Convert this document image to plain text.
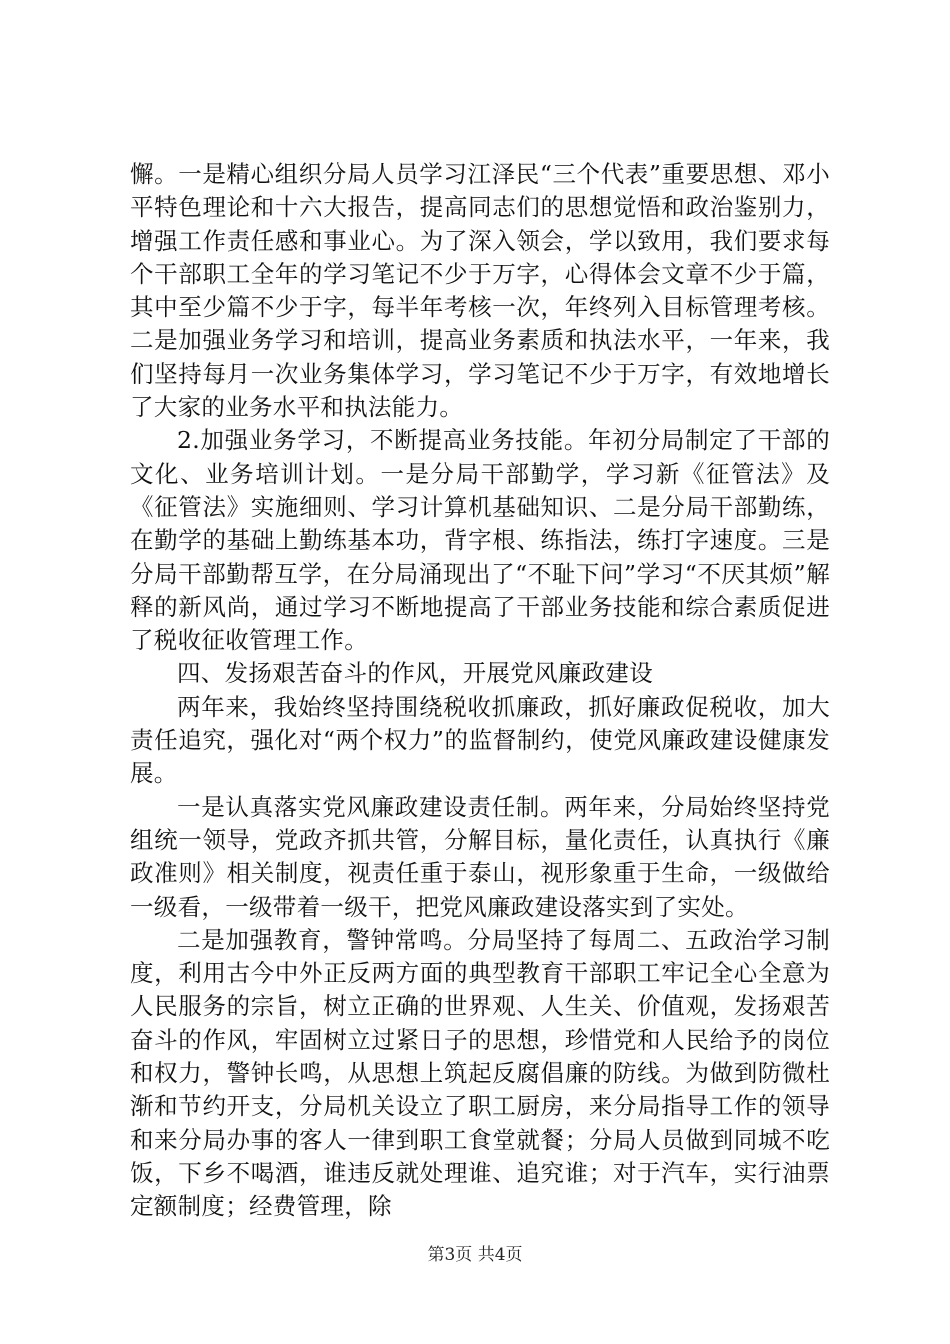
懈。一是精心组织分局人员学习江泽民“三个代表”重要思想、邓小平特色理论和十六大报告，提高同志们的思想觉悟和政治鉴别力，增强工作责任感和事业心。为了深入领会，学以致用，我们要求每个干部职工全年的学习笔记不少于万字，心得体会文章不少于篇，其中至少篇不少于字，每半年考核一次，年终列入目标管理考核。二是加强业务学习和培训，提高业务素质和执法水平，一年来，我们坚持每月一次业务集体学习，学习笔记不少于万字，有效地增长了大家的业务水平和执法能力。

2.加强业务学习，不断提高业务技能。年初分局制定了干部的文化、业务培训计划。一是分局干部勤学，学习新《征管法》及《征管法》实施细则、学习计算机基础知识、二是分局干部勤练，在勤学的基础上勤练基本功，背字根、练指法，练打字速度。三是分局干部勤帮互学，在分局涌现出了“不耻下问”学习“不厌其烦”解释的新风尚，通过学习不断地提高了干部业务技能和综合素质促进了税收征收管理工作。

四、发扬艰苦奋斗的作风，开展党风廉政建设

两年来，我始终坚持围绕税收抓廉政，抓好廉政促税收，加大责任追究，强化对“两个权力”的监督制约，使党风廉政建设健康发展。

一是认真落实党风廉政建设责任制。两年来，分局始终坚持党组统一领导，党政齐抓共管，分解目标，量化责任，认真执行《廉政准则》相关制度，视责任重于泰山，视形象重于生命，一级做给一级看，一级带着一级干，把党风廉政建设落实到了实处。

二是加强教育，警钟常鸣。分局坚持了每周二、五政治学习制度，利用古今中外正反两方面的典型教育干部职工牢记全心全意为人民服务的宗旨，树立正确的世界观、人生关、价值观，发扬艰苦奋斗的作风，牢固树立过紧日子的思想，珍惜党和人民给予的岗位和权力，警钟长鸣，从思想上筑起反腐倡廉的防线。为做到防微杜渐和节约开支，分局机关设立了职工厨房，来分局指导工作的领导和来分局办事的客人一律到职工食堂就餐；分局人员做到同城不吃饭，下乡不喝酒，谁违反就处理谁、追究谁；对于汽车，实行油票定额制度；经费管理，除

第3页 共4页
